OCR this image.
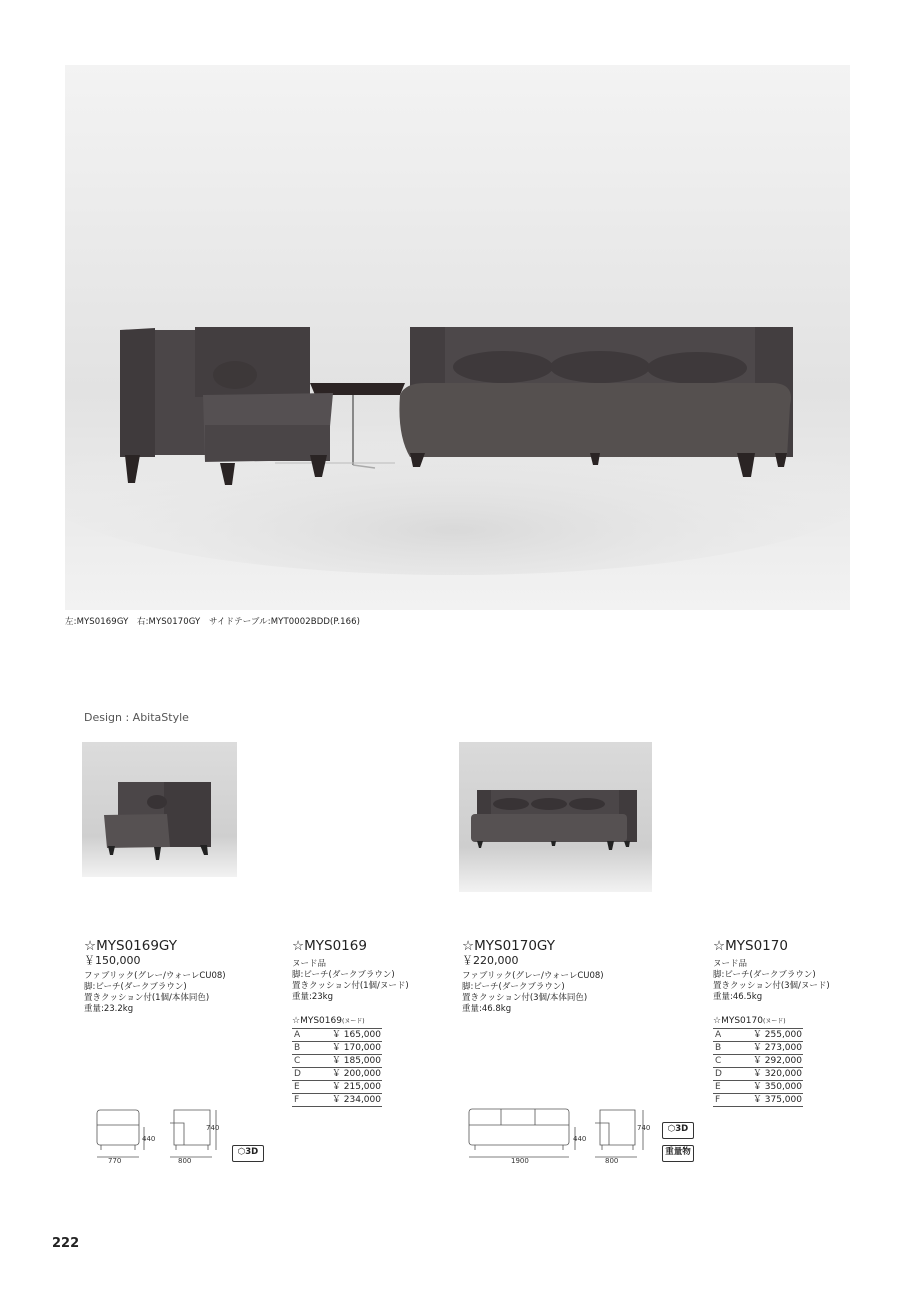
左:MYS0169GY　右:MYS0170GY　サイドテーブル:MYT0002BDD(P.166)
Design : AbitaStyle
☆MYS0169GY
￥150,000
ファブリック(グレー/ウォーレCU08)
脚:ビーチ(ダークブラウン)
置きクッション付(1個/本体同色)
重量:23.2kg
☆MYS0169
ヌード品
脚:ビーチ(ダークブラウン)
置きクッション付(1個/ヌード)
重量:23kg
☆MYS0169(ヌード)
A	￥ 165,000
B	￥ 170,000
C	￥ 185,000
D	￥ 200,000
E	￥ 215,000
F	￥ 234,000
☆MYS0170GY
￥220,000
ファブリック(グレー/ウォーレCU08)
脚:ビーチ(ダークブラウン)
置きクッション付(3個/本体同色)
重量:46.8kg
☆MYS0170
ヌード品
脚:ビーチ(ダークブラウン)
置きクッション付(3個/ヌード)
重量:46.5kg
☆MYS0170(ヌード)
A	￥ 255,000
B	￥ 273,000
C	￥ 292,000
D	￥ 320,000
E	￥ 350,000
F	￥ 375,000
770
440
800
740
⬡3D
1900
440
800
740	⬡3D
重量物
222
